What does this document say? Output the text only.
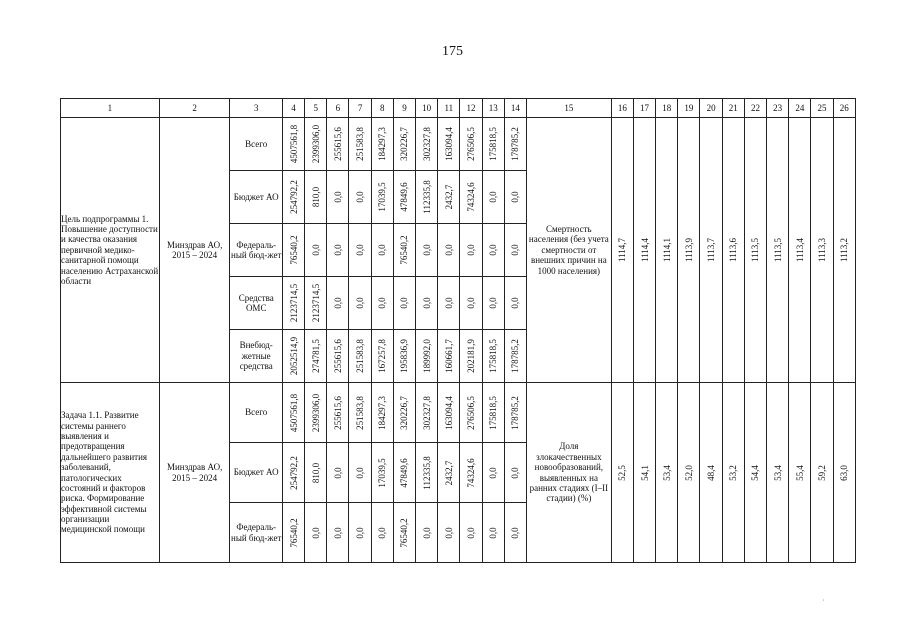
175
1	2	3	4	5	6	7	8	9	10	11	12	13	14	15	16	17	18	19	20	21	22	23	24	25	26
Цель подпрограммы 1. Повышение доступности и качества оказания первичной медико-санитарной помощи населению Астраханской области	Минздрав АО, 2015 – 2024	Всего	4507561,8	2399306,0	255615,6	251583,8	184297,3	320226,7	302327,8	163094,4	276506,5	175818,5	178785,2	Смертность населения (без учета смертности от внешних причин на 1000 населения)	1114,7	1114,4	1114,1	1113,9	1113,7	1113,6	1113,5	1113,5	1113,4	1113,3	1113,2

		Бюджет АО	254792,2	810,0	0,0	0,0	17039,5	47849,6	112335,8	2432,7	74324,6	0,0	0,0												

		Федераль-ный бюд-жет	76540,2	0,0	0,0	0,0	0,0	76540,2	0,0	0,0	0,0	0,0	0,0												

		Средства ОМС	2123714,5	2123714,5	0,0	0,0	0,0	0,0	0,0	0,0	0,0	0,0	0,0												

		Внебюд-жетные средства	2052514,9	274781,5	255615,6	251583,8	167257,8	195836,9	189992,0	160661,7	202181,9	175818,5	178785,2												

Задача 1.1. Развитие системы раннего выявления и предотвращения дальнейшего развития заболеваний, патологических состояний и факторов риска. Формирование эффективной системы организации медицинской помощи	Минздрав АО, 2015 – 2024	Всего	4507561,8	2399306,0	255615,6	251583,8	184297,3	320226,7	302327,8	163094,4	276506,5	175818,5	178785,2	Доля злокачественных новообразований, выявленных на ранних стадиях (I–II стадии) (%)	52,5	54,1	53,4	52,0	48,4	53,2	54,4	53,4	55,4	59,2	63,0

		Бюджет АО	254792,2	810,0	0,0	0,0	17039,5	47849,6	112335,8	2432,7	74324,6	0,0	0,0												

		Федераль-ный бюд-жет	76540,2	0,0	0,0	0,0	0,0	76540,2	0,0	0,0	0,0	0,0	0,0												
·
